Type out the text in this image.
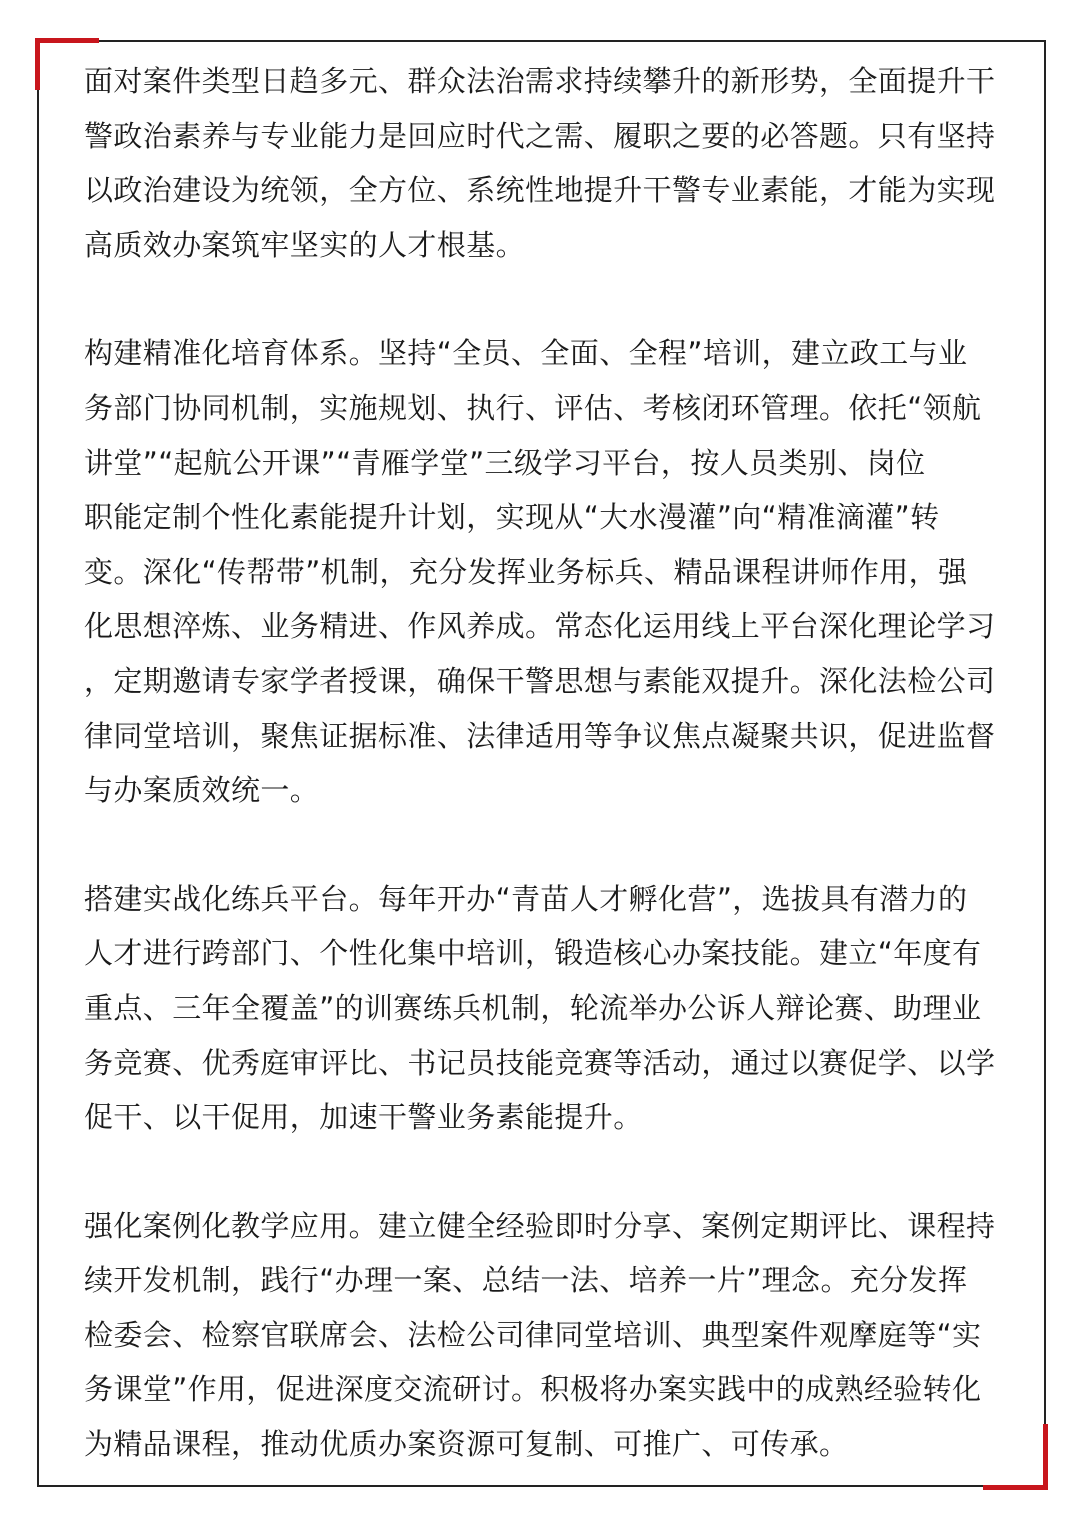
面对案件类型日趋多元、群众法治需求持续攀升的新形势，全面提升干
警政治素养与专业能力是回应时代之需、履职之要的必答题。只有坚持
以政治建设为统领，全方位、系统性地提升干警专业素能，才能为实现
高质效办案筑牢坚实的人才根基。

构建精准化培育体系。坚持“全员、全面、全程”培训，建立政工与业
务部门协同机制，实施规划、执行、评估、考核闭环管理。依托“领航
讲堂”“起航公开课”“青雁学堂”三级学习平台，按人员类别、岗位
职能定制个性化素能提升计划，实现从“大水漫灌”向“精准滴灌”转
变。深化“传帮带”机制，充分发挥业务标兵、精品课程讲师作用，强
化思想淬炼、业务精进、作风养成。常态化运用线上平台深化理论学习
，定期邀请专家学者授课，确保干警思想与素能双提升。深化法检公司
律同堂培训，聚焦证据标准、法律适用等争议焦点凝聚共识，促进监督
与办案质效统一。

搭建实战化练兵平台。每年开办“青苗人才孵化营”，选拔具有潜力的
人才进行跨部门、个性化集中培训，锻造核心办案技能。建立“年度有
重点、三年全覆盖”的训赛练兵机制，轮流举办公诉人辩论赛、助理业
务竞赛、优秀庭审评比、书记员技能竞赛等活动，通过以赛促学、以学
促干、以干促用，加速干警业务素能提升。

强化案例化教学应用。建立健全经验即时分享、案例定期评比、课程持
续开发机制，践行“办理一案、总结一法、培养一片”理念。充分发挥
检委会、检察官联席会、法检公司律同堂培训、典型案件观摩庭等“实
务课堂”作用，促进深度交流研讨。积极将办案实践中的成熟经验转化
为精品课程，推动优质办案资源可复制、可推广、可传承。
